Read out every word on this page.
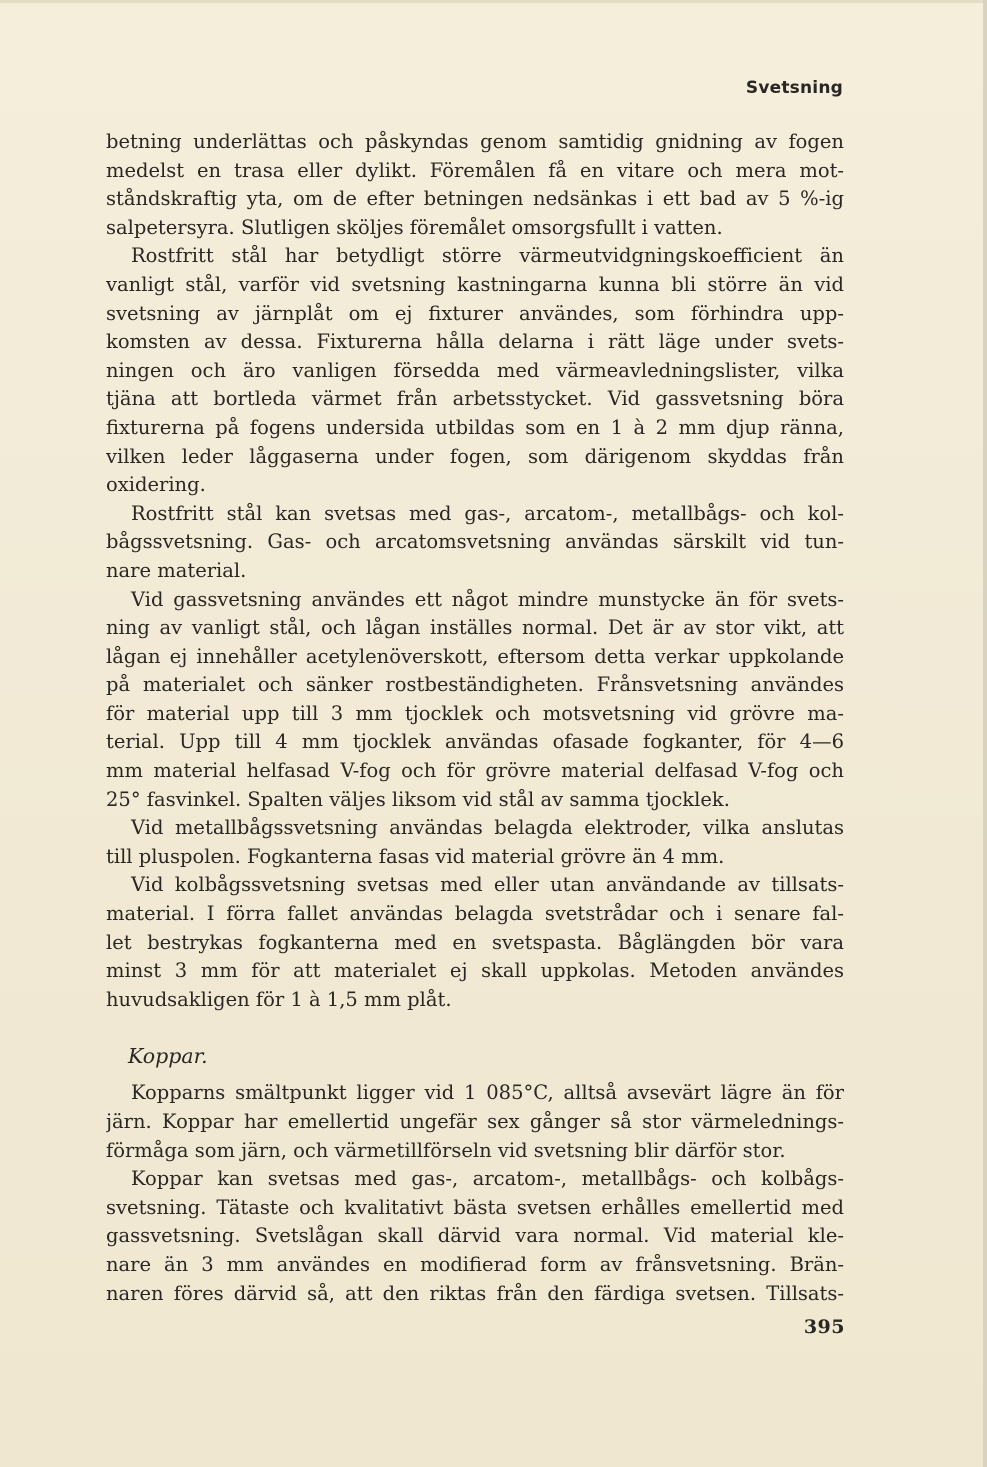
Svetsning
betning underlättas och påskyndas genom samtidig gnidning av fogen
medelst en trasa eller dylikt. Föremålen få en vitare och mera mot-
ståndskraftig yta, om de efter betningen nedsänkas i ett bad av 5 %-ig
salpetersyra. Slutligen sköljes föremålet omsorgsfullt i vatten.
Rostfritt stål har betydligt större värmeutvidgningskoefficient än
vanligt stål, varför vid svetsning kastningarna kunna bli större än vid
svetsning av järnplåt om ej fixturer användes, som förhindra upp-
komsten av dessa. Fixturerna hålla delarna i rätt läge under svets-
ningen och äro vanligen försedda med värmeavledningslister, vilka
tjäna att bortleda värmet från arbetsstycket. Vid gassvetsning böra
fixturerna på fogens undersida utbildas som en 1 à 2 mm djup ränna,
vilken leder låggaserna under fogen, som därigenom skyddas från
oxidering.
Rostfritt stål kan svetsas med gas-, arcatom-, metallbågs- och kol-
bågssvetsning. Gas- och arcatomsvetsning användas särskilt vid tun-
nare material.
Vid gassvetsning användes ett något mindre munstycke än för svets-
ning av vanligt stål, och lågan inställes normal. Det är av stor vikt, att
lågan ej innehåller acetylenöverskott, eftersom detta verkar uppkolande
på materialet och sänker rostbeständigheten. Frånsvetsning användes
för material upp till 3 mm tjocklek och motsvetsning vid grövre ma-
terial. Upp till 4 mm tjocklek användas ofasade fogkanter, för 4—6
mm material helfasad V-fog och för grövre material delfasad V-fog och
25° fasvinkel. Spalten väljes liksom vid stål av samma tjocklek.
Vid metallbågssvetsning användas belagda elektroder, vilka anslutas
till pluspolen. Fogkanterna fasas vid material grövre än 4 mm.
Vid kolbågssvetsning svetsas med eller utan användande av tillsats-
material. I förra fallet användas belagda svetstrådar och i senare fal-
let bestrykas fogkanterna med en svetspasta. Båglängden bör vara
minst 3 mm för att materialet ej skall uppkolas. Metoden användes
huvudsakligen för 1 à 1,5 mm plåt.
Koppar.
Kopparns smältpunkt ligger vid 1 085°C, alltså avsevärt lägre än för
järn. Koppar har emellertid ungefär sex gånger så stor värmelednings-
förmåga som järn, och värmetillförseln vid svetsning blir därför stor.
Koppar kan svetsas med gas-, arcatom-, metallbågs- och kolbågs-
svetsning. Tätaste och kvalitativt bästa svetsen erhålles emellertid med
gassvetsning. Svetslågan skall därvid vara normal. Vid material kle-
nare än 3 mm användes en modifierad form av frånsvetsning. Brän-
naren föres därvid så, att den riktas från den färdiga svetsen. Tillsats-
395
